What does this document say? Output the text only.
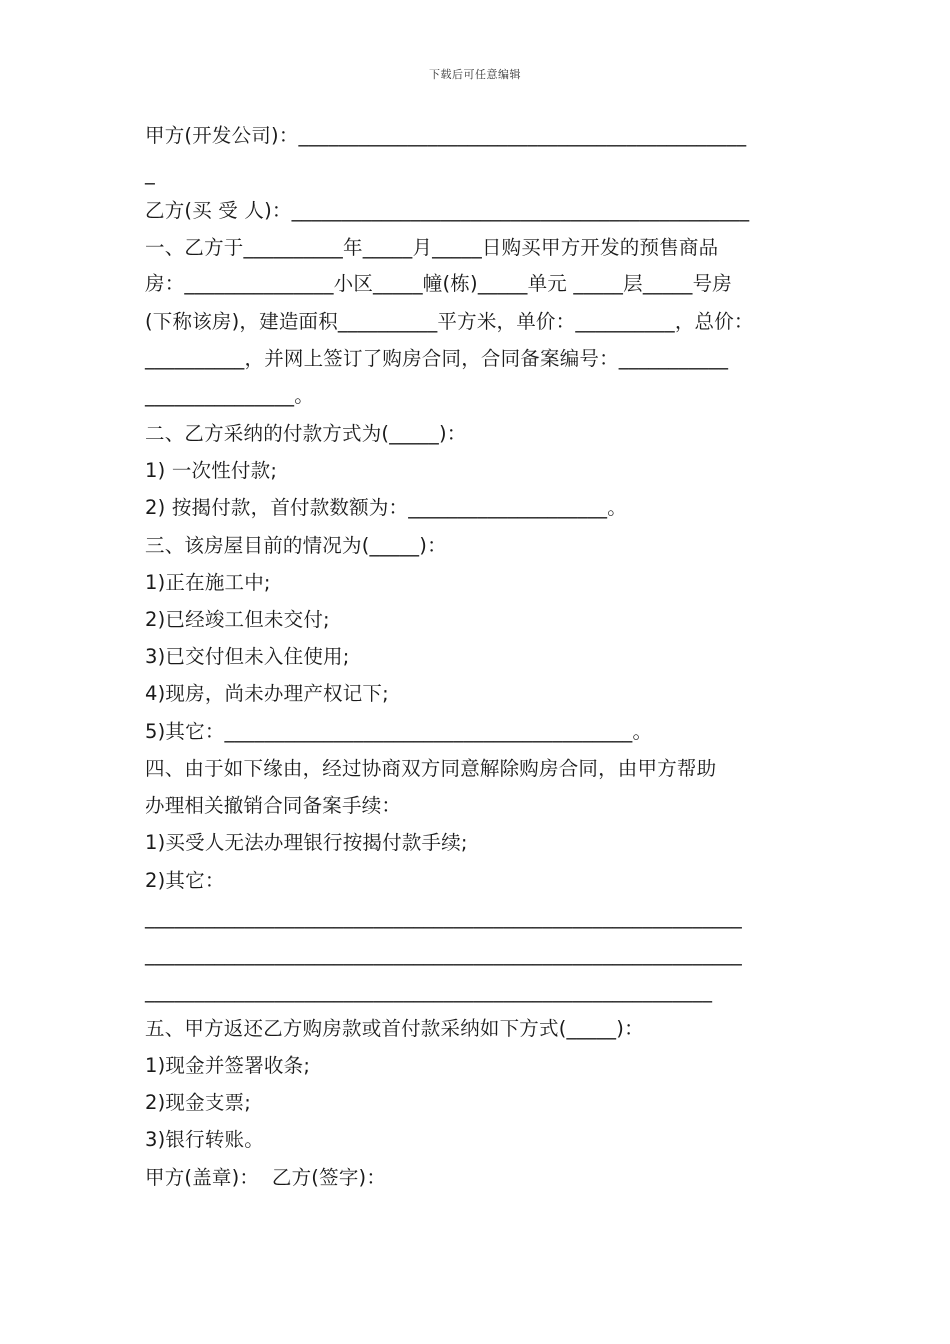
下载后可任意编辑
甲方(开发公司)：_____________________________________________
_
乙方(买 受 人)：______________________________________________
一、乙方于__________年_____月_____日购买甲方开发的预售商品
房：_______________小区_____幢(栋)_____单元 _____层_____号房
(下称该房)，建造面积__________平方米，单价：__________，总价：
__________，并网上签订了购房合同，合同备案编号：___________
_______________。
二、乙方采纳的付款方式为(_____)：
1) 一次性付款;
2) 按揭付款，首付款数额为：____________________。
三、该房屋目前的情况为(_____)：
1)正在施工中;
2)已经竣工但未交付;
3)已交付但未入住使用;
4)现房，尚未办理产权记下;
5)其它：_________________________________________。
四、由于如下缘由，经过协商双方同意解除购房合同，由甲方帮助
办理相关撤销合同备案手续：
1)买受人无法办理银行按揭付款手续;
2)其它：
____________________________________________________________
____________________________________________________________
_________________________________________________________
五、甲方返还乙方购房款或首付款采纳如下方式(_____)：
1)现金并签署收条;
2)现金支票;
3)银行转账。
甲方(盖章)：  乙方(签字)：
